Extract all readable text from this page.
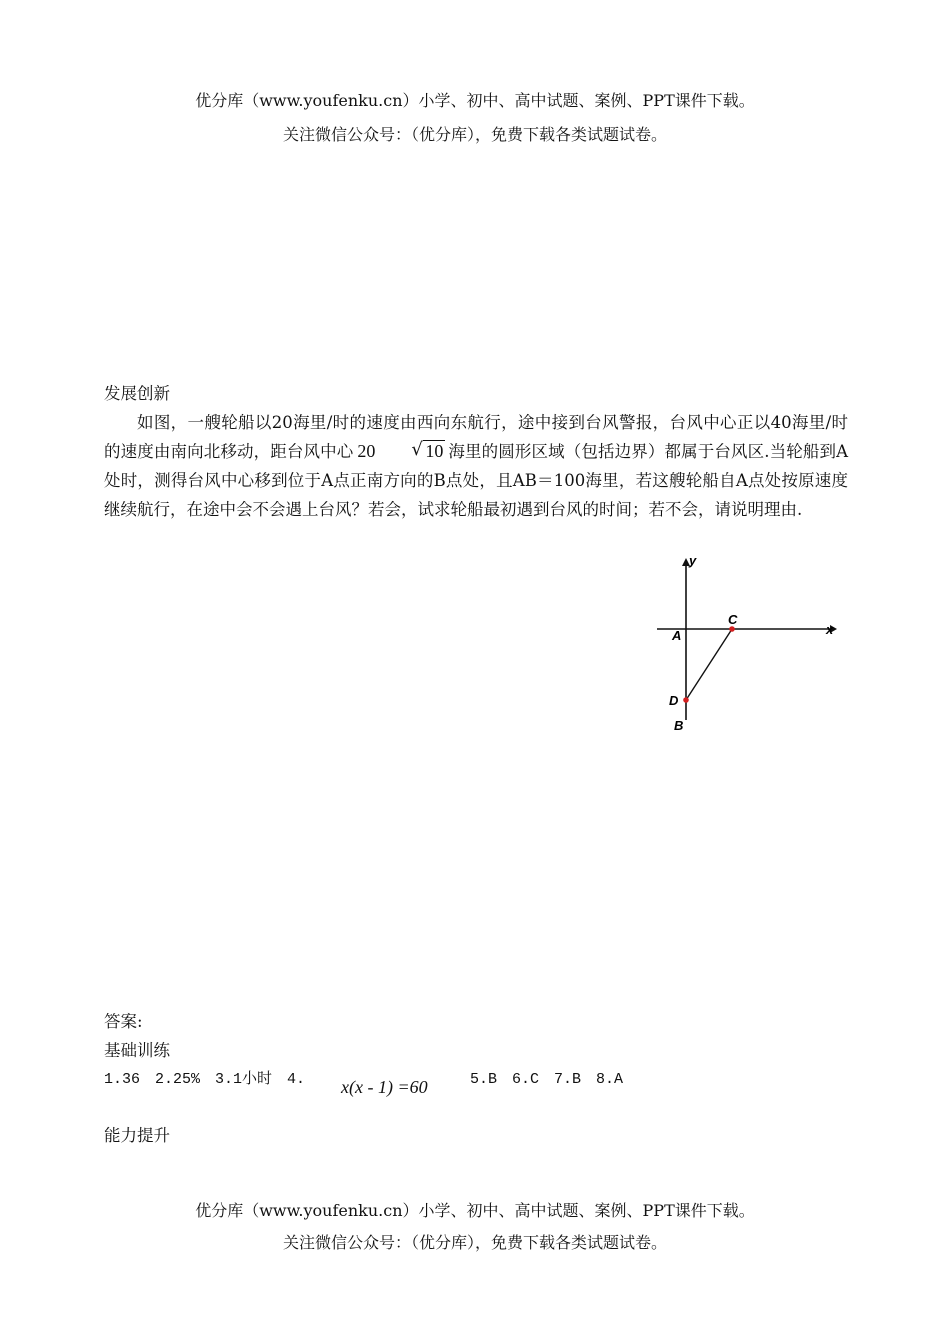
优分库（www.youfenku.cn）小学、初中、高中试题、案例、PPT课件下载。
关注微信公众号：（优分库），免费下载各类试题试卷。
发展创新
如图，一艘轮船以20海里/时的速度由西向东航行，途中接到台风警报，台风中心正以40海里/时的速度由南向北移动，距台风中心 20	√ 10 海里的圆形区域（包括边界）都属于台风区.当轮船到A处时，测得台风中心移到位于A点正南方向的B点处，且AB＝100海里，若这艘轮船自A点处按原速度继续航行，在途中会不会遇上台风？若会，试求轮船最初遇到台风的时间；若不会，请说明理由.
y
x
A
C
D
B
答案:
基础训练
1.36　2.25%　3.1小时　4. x(x - 1) =60	5.B　6.C　7.B　8.A
能力提升
优分库（www.youfenku.cn）小学、初中、高中试题、案例、PPT课件下载。
关注微信公众号：（优分库），免费下载各类试题试卷。
